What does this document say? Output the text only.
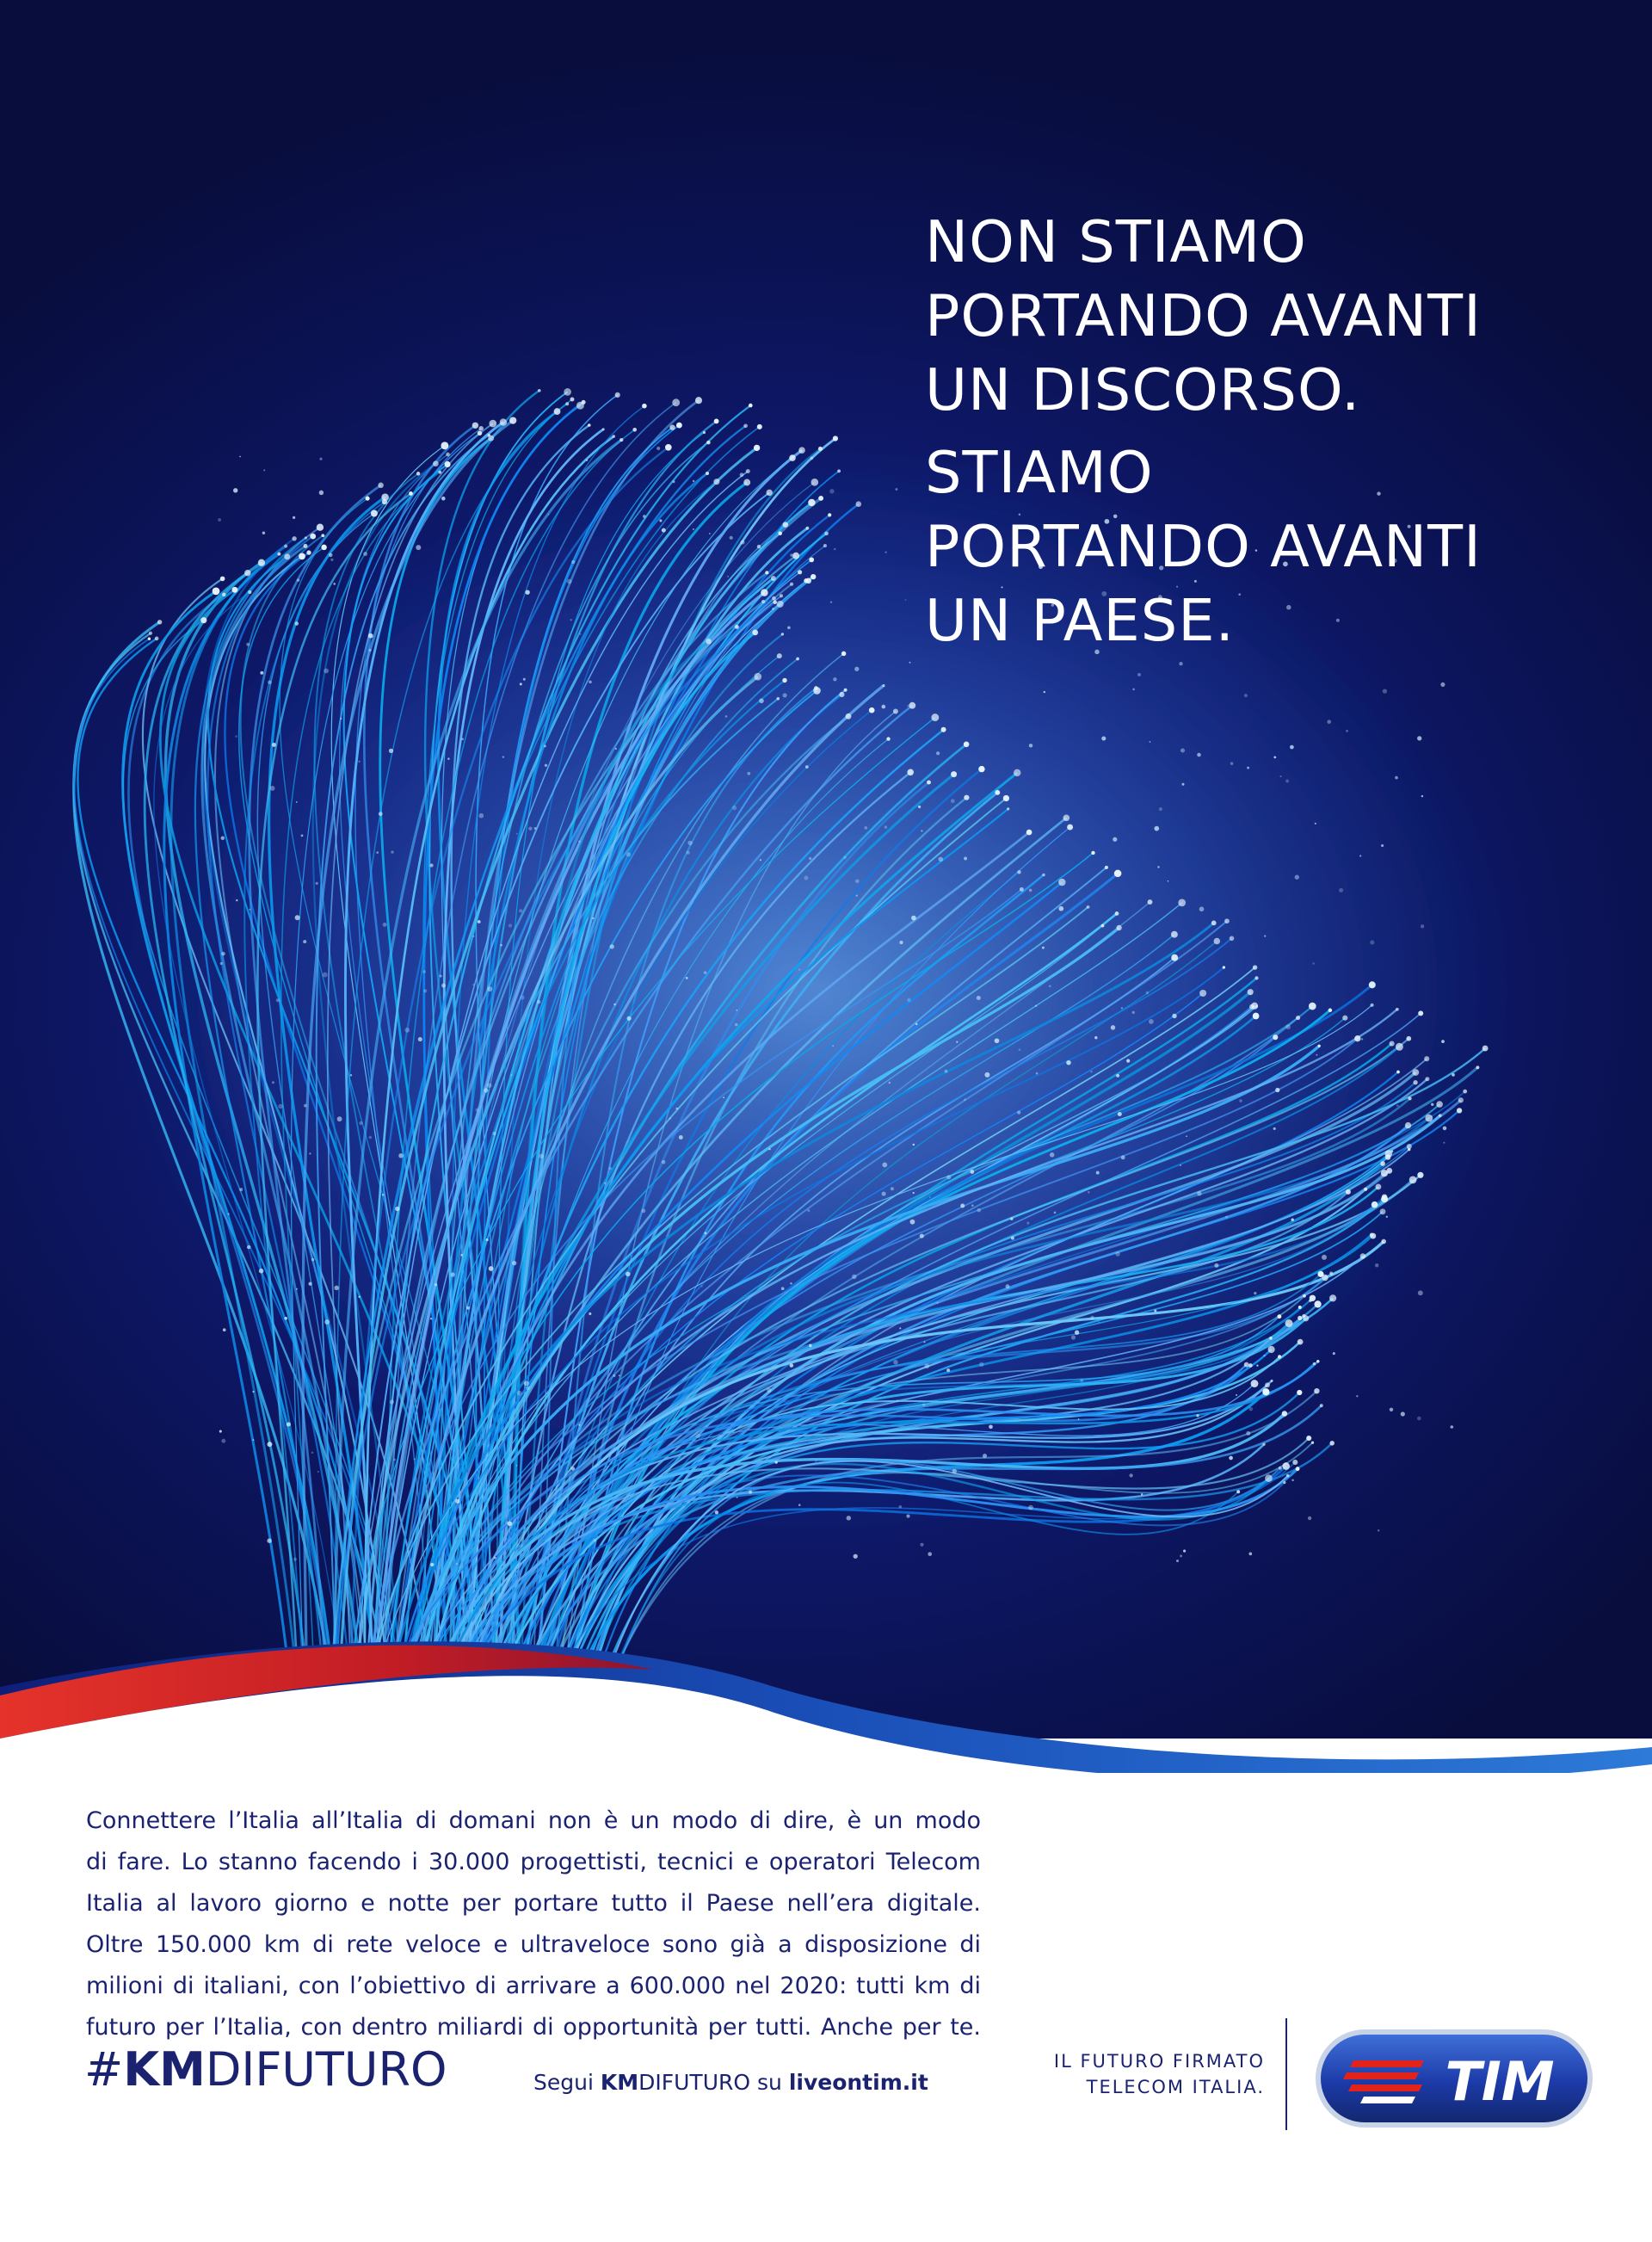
NON STIAMO
PORTANDO AVANTI
UN DISCORSO.
STIAMO
PORTANDO AVANTI
UN PAESE.
Connettere l’Italia all’Italia di domani non è un modo di dire, è un modo
di fare. Lo stanno facendo i 30.000 progettisti, tecnici e operatori Telecom
Italia al lavoro giorno e notte per portare tutto il Paese nell’era digitale.
Oltre 150.000 km di rete veloce e ultraveloce sono già a disposizione di
milioni di italiani, con l’obiettivo di arrivare a 600.000 nel 2020: tutti km di
futuro per l’Italia, con dentro miliardi di opportunità per tutti. Anche per te.
#KMDIFUTURO	Segui KMDIFUTURO su liveontim.it
IL FUTURO FIRMATO
TELECOM ITALIA.	TIM
